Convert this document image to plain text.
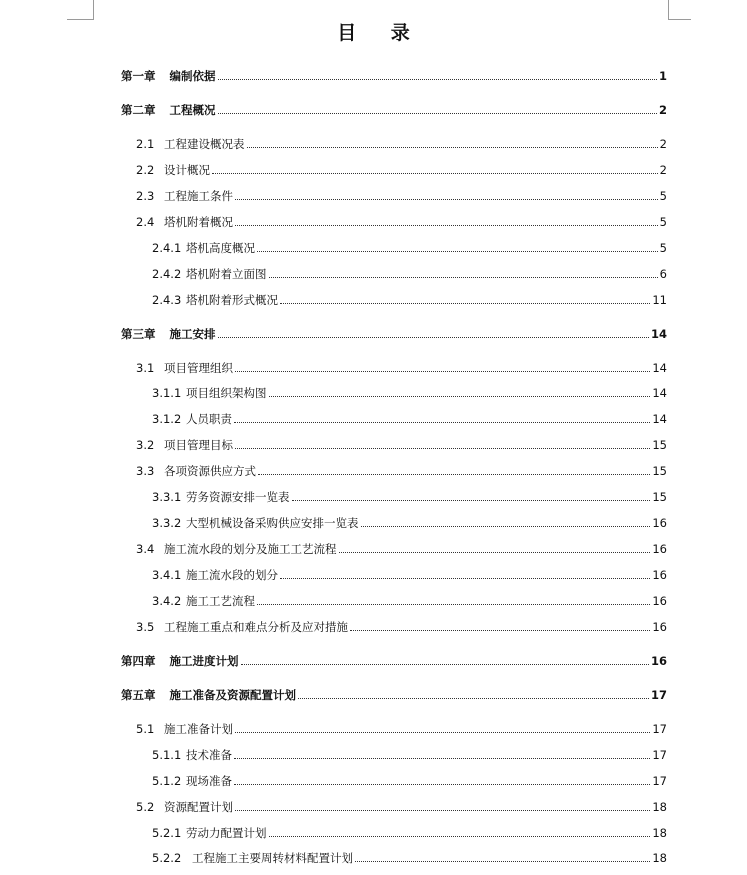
目 录
第一章 编制依据	1
第二章 工程概况	2
2.1 工程建设概况表	2
2.2 设计概况	2
2.3 工程施工条件	5
2.4 塔机附着概况	5
2.4.1 塔机高度概况	5
2.4.2 塔机附着立面图	6
2.4.3 塔机附着形式概况	11
第三章 施工安排	14
3.1 项目管理组织	14
3.1.1 项目组织架构图	14
3.1.2 人员职责	14
3.2 项目管理目标	15
3.3 各项资源供应方式	15
3.3.1 劳务资源安排一览表	15
3.3.2 大型机械设备采购供应安排一览表	16
3.4 施工流水段的划分及施工工艺流程	16
3.4.1 施工流水段的划分	16
3.4.2 施工工艺流程	16
3.5 工程施工重点和难点分析及应对措施	16
第四章 施工进度计划	16
第五章 施工准备及资源配置计划	17
5.1 施工准备计划	17
5.1.1 技术准备	17
5.1.2 现场准备	17
5.2 资源配置计划	18
5.2.1 劳动力配置计划	18
5.2.2 工程施工主要周转材料配置计划	18
